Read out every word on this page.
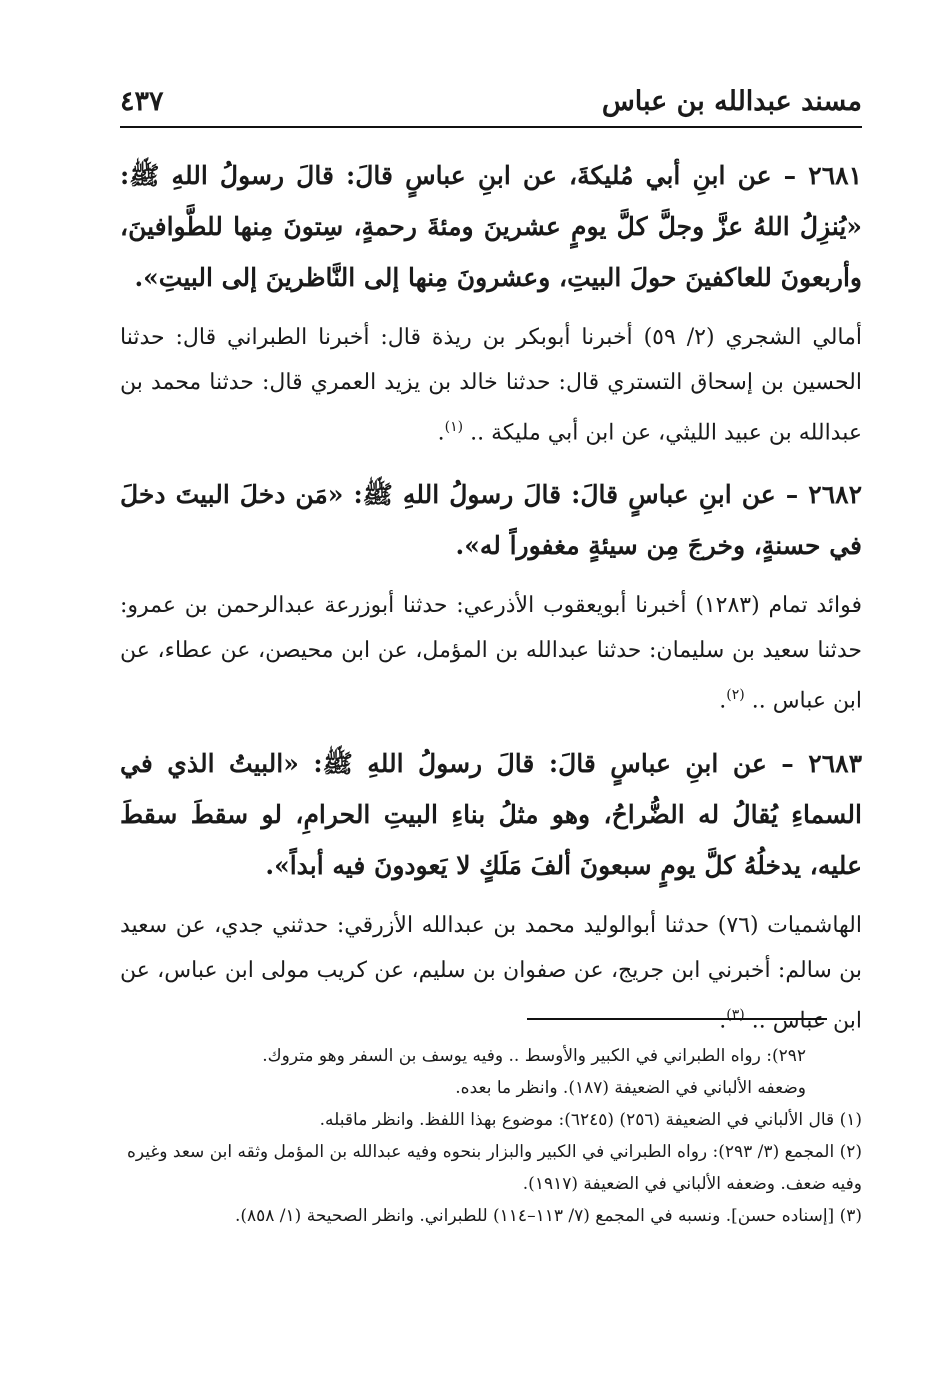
مسند عبدالله بن عباس
٤٣٧

٢٦٨١ – عن ابنِ أبي مُليكةَ، عن ابنِ عباسٍ قالَ: قالَ رسولُ اللهِ ﷺ: «يُنزِلُ اللهُ عزَّ وجلَّ كلَّ يومٍ عشرينَ ومئةَ رحمةٍ، سِتونَ مِنها للطَّوافينَ، وأربعونَ للعاكفينَ حولَ البيتِ، وعشرونَ مِنها إلى النَّاظرينَ إلى البيتِ».

أمالي الشجري (٢/ ٥٩) أخبرنا أبوبكر بن ريذة قال: أخبرنا الطبراني قال: حدثنا الحسين بن إسحاق التستري قال: حدثنا خالد بن يزيد العمري قال: حدثنا محمد بن عبدالله بن عبيد الليثي، عن ابن أبي مليكة .. $^{(١)}$.

٢٦٨٢ – عن ابنِ عباسٍ قالَ: قالَ رسولُ اللهِ ﷺ: «مَن دخلَ البيتَ دخلَ في حسنةٍ، وخرجَ مِن سيئةٍ مغفوراً له».

فوائد تمام (١٢٨٣) أخبرنا أبويعقوب الأذرعي: حدثنا أبوزرعة عبدالرحمن بن عمرو: حدثنا سعيد بن سليمان: حدثنا عبدالله بن المؤمل، عن ابن محيصن، عن عطاء، عن ابن عباس .. $^{(٢)}$.

٢٦٨٣ – عن ابنِ عباسٍ قالَ: قالَ رسولُ اللهِ ﷺ: «البيتُ الذي في السماءِ يُقالُ له الضُّراحُ، وهو مثلُ بناءِ البيتِ الحرامِ، لو سقطَ سقطَ عليه، يدخلُهُ كلَّ يومٍ سبعونَ ألفَ مَلَكٍ لا يَعودونَ فيه أبداً».

الهاشميات (٧٦) حدثنا أبوالوليد محمد بن عبدالله الأزرقي: حدثني جدي، عن سعيد بن سالم: أخبرني ابن جريج، عن صفوان بن سليم، عن كريب مولى ابن عباس، عن ابن عباس .. $^{(٣)}$.

٢٩٢): رواه الطبراني في الكبير والأوسط .. وفيه يوسف بن السفر وهو متروك.

وضعفه الألباني في الضعيفة (١٨٧). وانظر ما بعده.

(١) قال الألباني في الضعيفة (٢٥٦) (٦٢٤٥): موضوع بهذا اللفظ. وانظر ماقبله.

(٢) المجمع (٣/ ٢٩٣): رواه الطبراني في الكبير والبزار بنحوه وفيه عبدالله بن المؤمل وثقه ابن سعد وغيره وفيه ضعف. وضعفه الألباني في الضعيفة (١٩١٧).

(٣) [إسناده حسن]. ونسبه في المجمع (٧/ ١١٣–١١٤) للطبراني. وانظر الصحيحة (١/ ٨٥٨).
